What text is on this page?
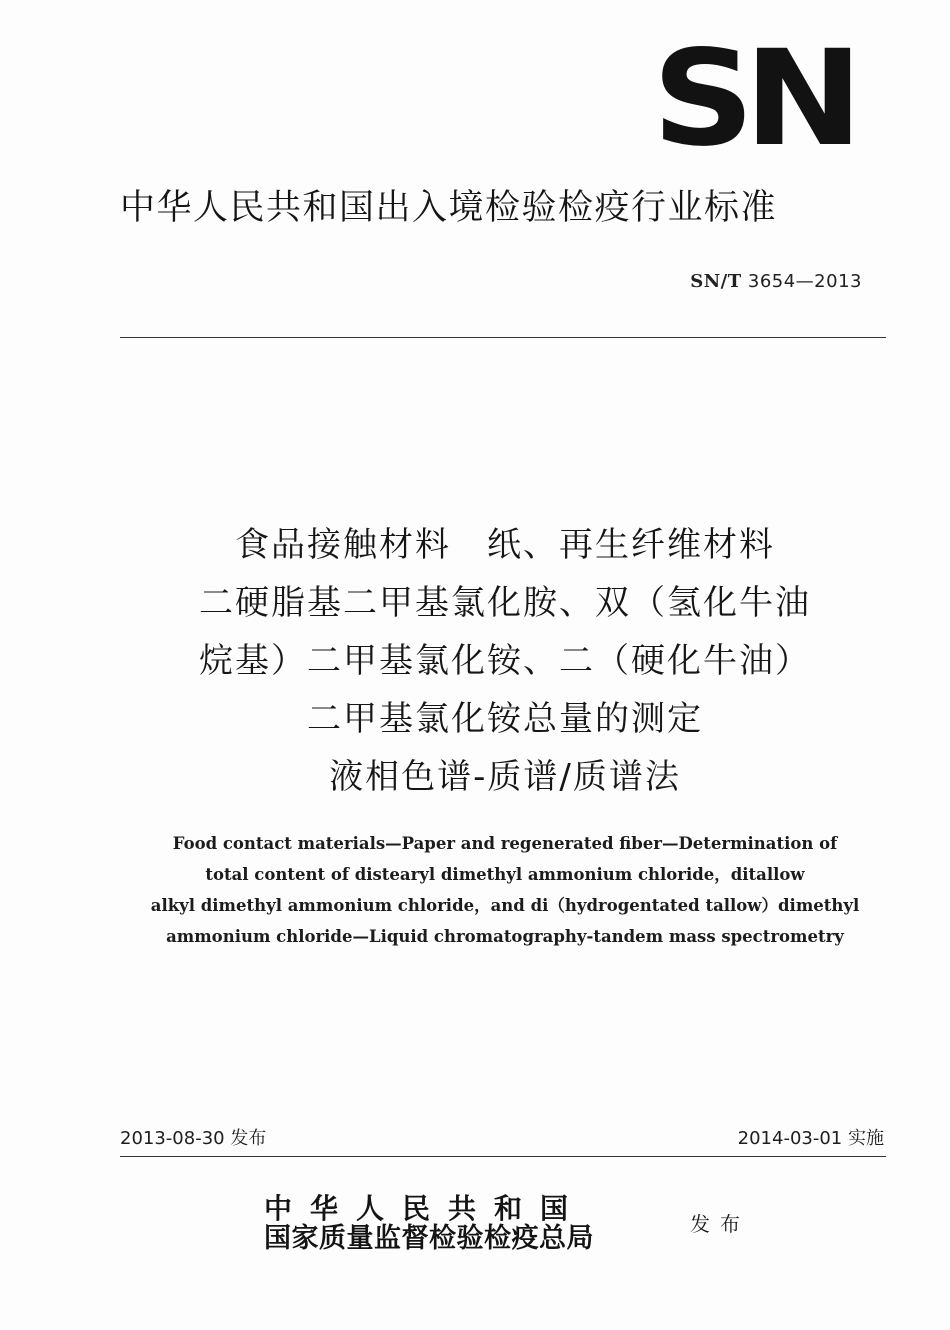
SN
中华人民共和国出入境检验检疫行业标准
SN/T 3654—2013
食品接触材料　纸、再生纤维材料
二硬脂基二甲基氯化胺、双（氢化牛油
烷基）二甲基氯化铵、二（硬化牛油）
二甲基氯化铵总量的测定
液相色谱-质谱/质谱法
Food contact materials—Paper and regenerated fiber—Determination of
total content of distearyl dimethyl ammonium chloride，ditallow
alkyl dimethyl ammonium chloride，and di（hydrogentated tallow）dimethyl
ammonium chloride—Liquid chromatography-tandem mass spectrometry
2013-08-30 发布	2014-03-01 实施
中华人民共和国
国家质量监督检验检疫总局	发布
